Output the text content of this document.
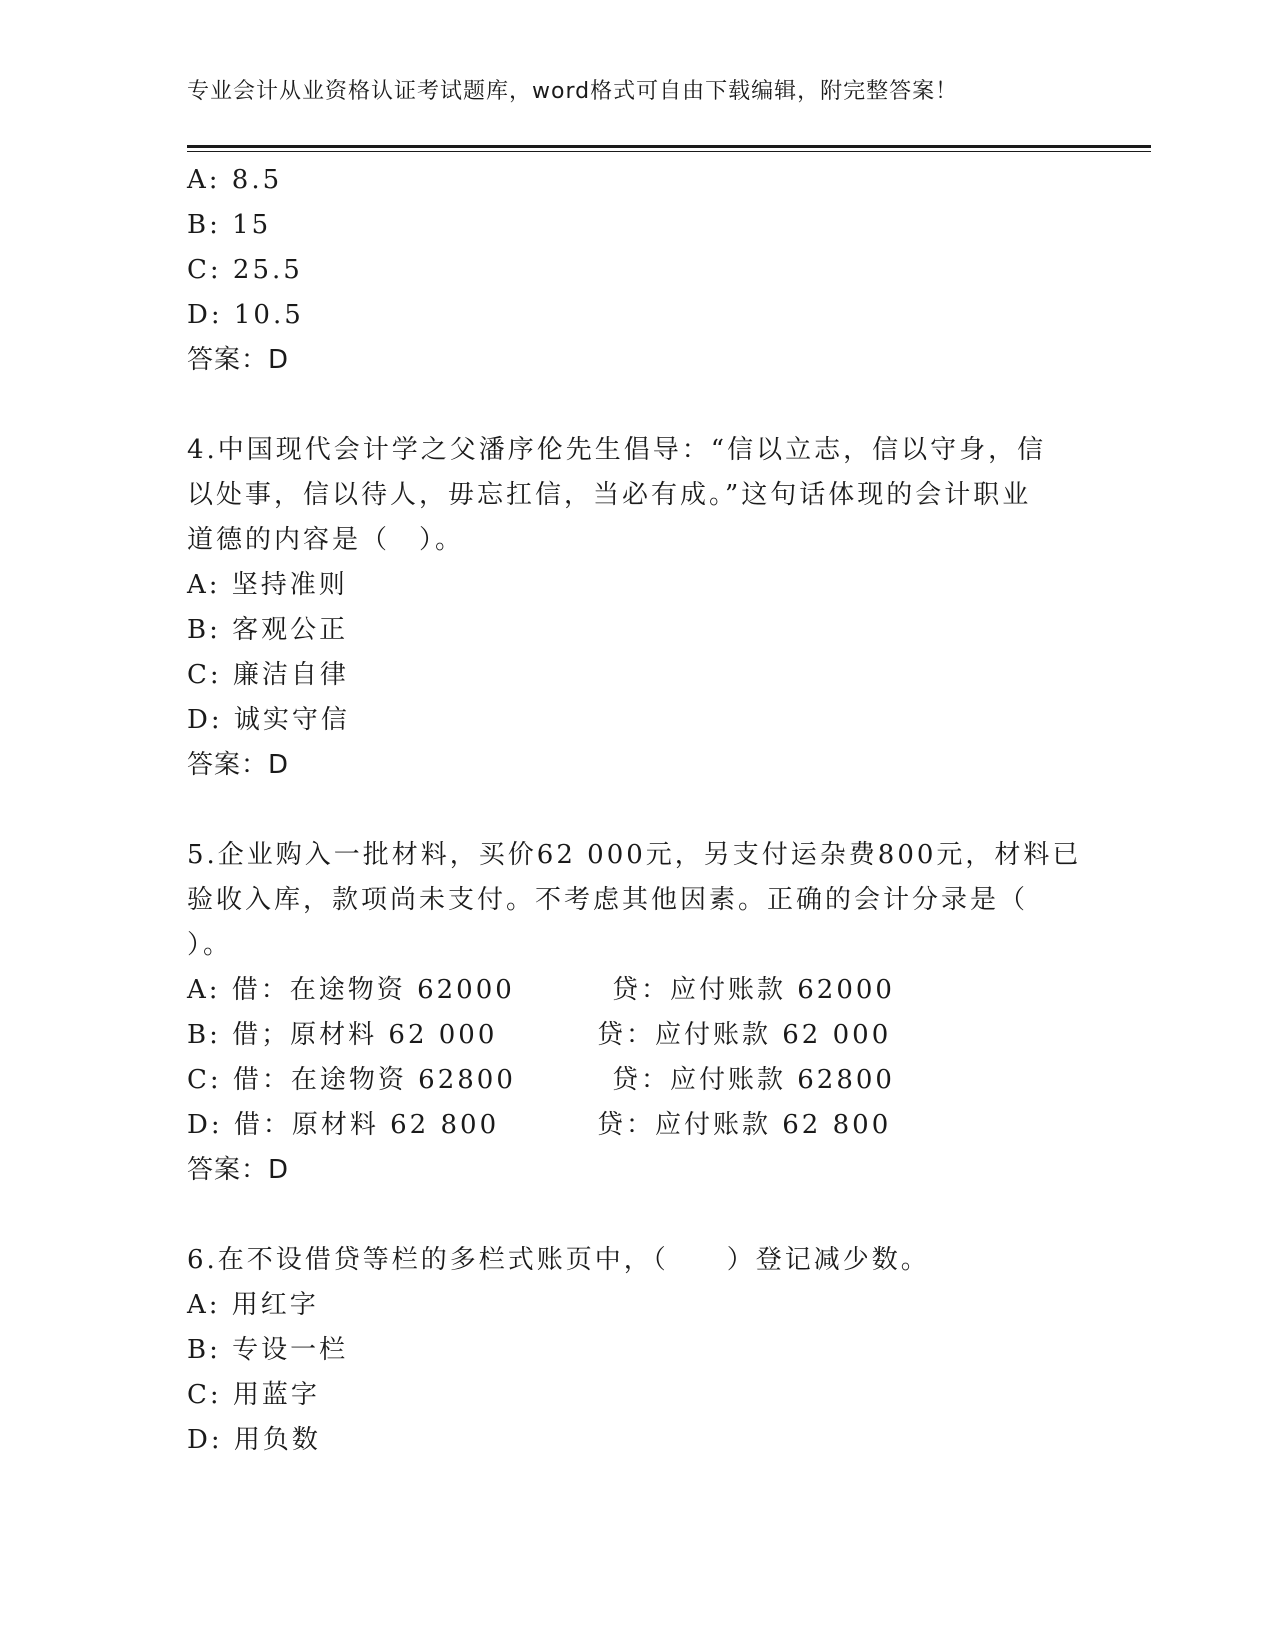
专业会计从业资格认证考试题库，word格式可自由下载编辑，附完整答案！
A: 8.5
B: 15
C: 25.5
D: 10.5
答案：D
4.中国现代会计学之父潘序伦先生倡导：“信以立志，信以守身，信
以处事，信以待人，毋忘扛信，当必有成。”这句话体现的会计职业
道德的内容是（　）。
A: 坚持准则
B: 客观公正
C: 廉洁自律
D: 诚实守信
答案：D
5.企业购入一批材料，买价62 000元，另支付运杂费800元，材料已
验收入库，款项尚未支付。不考虑其他因素。正确的会计分录是（
）。
A: 借：在途物资 62000	贷：应付账款 62000
B: 借；原材料 62 000	贷：应付账款 62 000
C: 借：在途物资 62800	贷：应付账款 62800
D: 借：原材料 62 800	贷：应付账款 62 800
答案：D
6.在不设借贷等栏的多栏式账页中，（　　）登记减少数。
A: 用红字
B: 专设一栏
C: 用蓝字
D: 用负数
